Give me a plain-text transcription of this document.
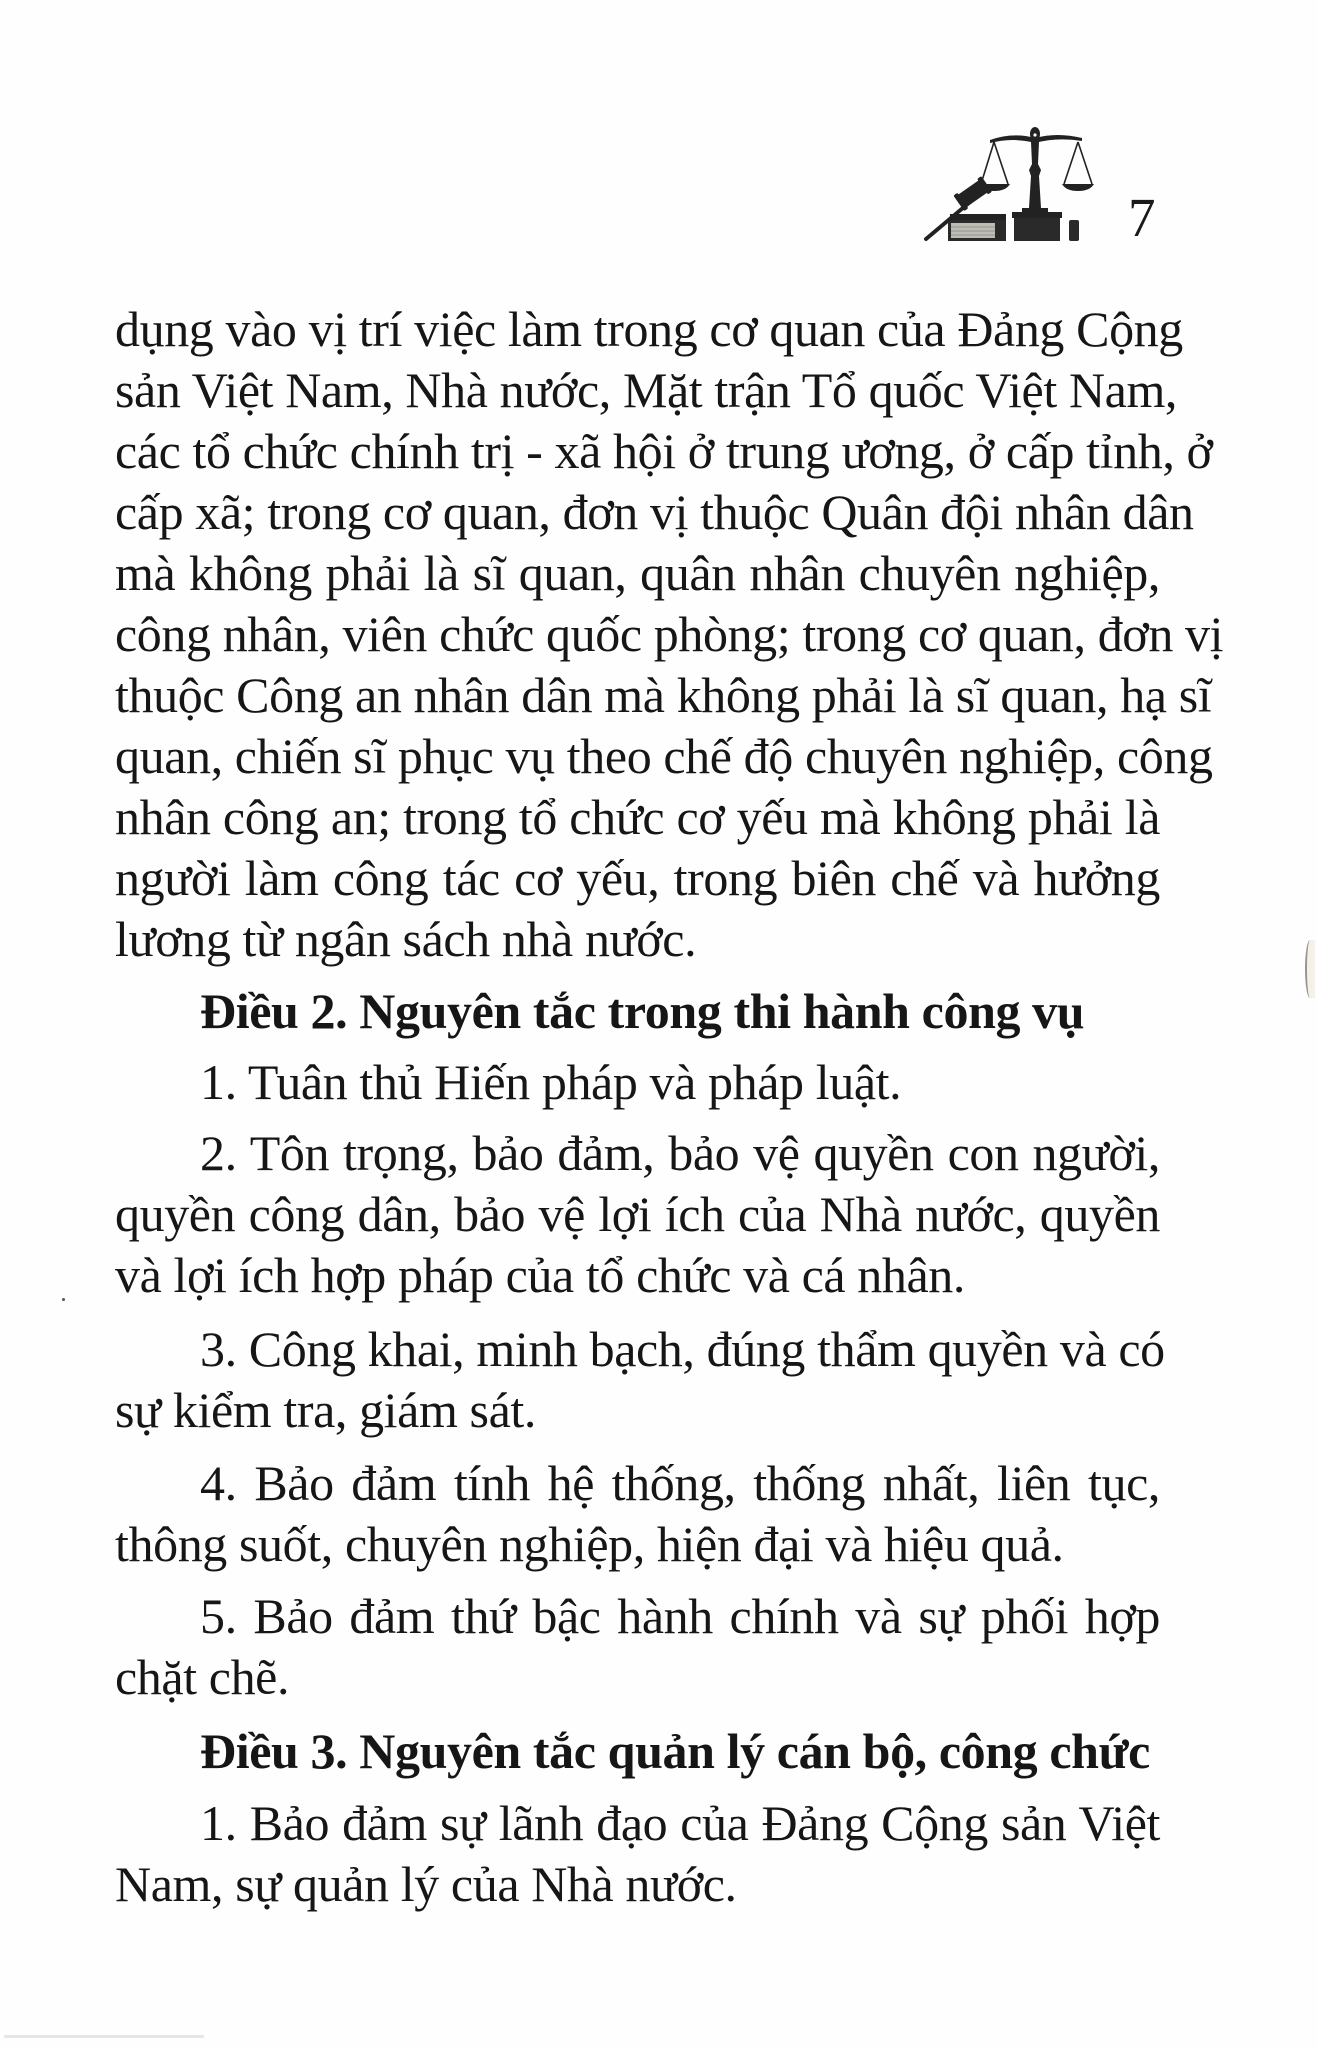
7
dụng vào vị trí việc làm trong cơ quan của Đảng Cộng
sản Việt Nam, Nhà nước, Mặt trận Tổ quốc Việt Nam,
các tổ chức chính trị - xã hội ở trung ương, ở cấp tỉnh, ở
cấp xã; trong cơ quan, đơn vị thuộc Quân đội nhân dân
mà không phải là sĩ quan, quân nhân chuyên nghiệp,
công nhân, viên chức quốc phòng; trong cơ quan, đơn vị
thuộc Công an nhân dân mà không phải là sĩ quan, hạ sĩ
quan, chiến sĩ phục vụ theo chế độ chuyên nghiệp, công
nhân công an; trong tổ chức cơ yếu mà không phải là
người làm công tác cơ yếu, trong biên chế và hưởng
lương từ ngân sách nhà nước.
Điều 2. Nguyên tắc trong thi hành công vụ
1. Tuân thủ Hiến pháp và pháp luật.
2. Tôn trọng, bảo đảm, bảo vệ quyền con người,
quyền công dân, bảo vệ lợi ích của Nhà nước, quyền
và lợi ích hợp pháp của tổ chức và cá nhân.
3. Công khai, minh bạch, đúng thẩm quyền và có
sự kiểm tra, giám sát.
4. Bảo đảm tính hệ thống, thống nhất, liên tục,
thông suốt, chuyên nghiệp, hiện đại và hiệu quả.
5. Bảo đảm thứ bậc hành chính và sự phối hợp
chặt chẽ.
Điều 3. Nguyên tắc quản lý cán bộ, công chức
1. Bảo đảm sự lãnh đạo của Đảng Cộng sản Việt
Nam, sự quản lý của Nhà nước.
